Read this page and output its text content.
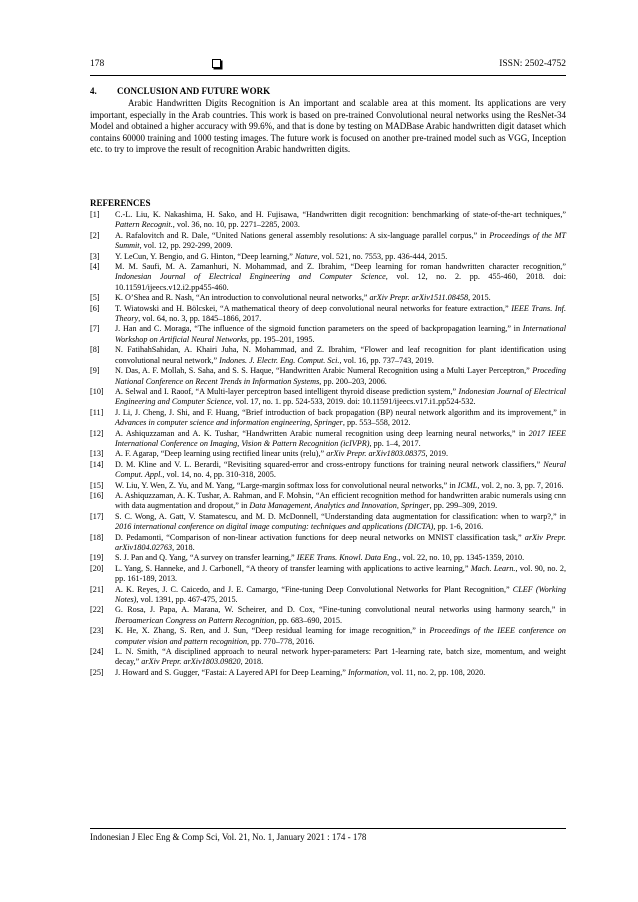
178	ISSN: 2502-4752
4.	CONCLUSION AND FUTURE WORK

Arabic Handwritten Digits Recognition is An important and scalable area at this moment. Its applications are very important, especially in the Arab countries. This work is based on pre-trained Convolutional neural networks using the ResNet-34 Model and obtained a higher accuracy with 99.6%, and that is done by testing on MADBase Arabic handwritten digit dataset which contains 60000 training and 1000 testing images. The future work is focused on another pre-trained model such as VGG, Inception etc. to try to improve the result of recognition Arabic handwritten digits.

REFERENCES
[1]	C.-L. Liu, K. Nakashima, H. Sako, and H. Fujisawa, “Handwritten digit recognition: benchmarking of state-of-the-art techniques,” Pattern Recognit., vol. 36, no. 10, pp. 2271–2285, 2003.
[2]	A. Rafalovitch and R. Dale, “United Nations general assembly resolutions: A six-language parallel corpus,” in Proceedings of the MT Summit, vol. 12, pp. 292-299, 2009.
[3]	Y. LeCun, Y. Bengio, and G. Hinton, “Deep learning,” Nature, vol. 521, no. 7553, pp. 436-444, 2015.
[4]	M. M. Saufi, M. A. Zamanhuri, N. Mohammad, and Z. Ibrahim, “Deep learning for roman handwritten character recognition,” Indonesian Journal of Electrical Engineering and Computer Science, vol. 12, no. 2. pp. 455-460, 2018. doi: 10.11591/ijeecs.v12.i2.pp455-460.
[5]	K. O’Shea and R. Nash, “An introduction to convolutional neural networks,” arXiv Prepr. arXiv1511.08458, 2015.
[6]	T. Wiatowski and H. Bölcskei, “A mathematical theory of deep convolutional neural networks for feature extraction,” IEEE Trans. Inf. Theory, vol. 64, no. 3, pp. 1845–1866, 2017.
[7]	J. Han and C. Moraga, “The influence of the sigmoid function parameters on the speed of backpropagation learning,” in International Workshop on Artificial Neural Networks, pp. 195–201, 1995.
[8]	N. FatihahSahidan, A. Khairi Juha, N. Mohammad, and Z. Ibrahim, “Flower and leaf recognition for plant identification using convolutional neural network,” Indones. J. Electr. Eng. Comput. Sci., vol. 16, pp. 737–743, 2019.
[9]	N. Das, A. F. Mollah, S. Saha, and S. S. Haque, “Handwritten Arabic Numeral Recognition using a Multi Layer Perceptron,” Proceding National Conference on Recent Trends in Information Systems, pp. 200–203, 2006.
[10]	A. Selwal and I. Raoof, “A Multi-layer perceptron based intelligent thyroid disease prediction system,” Indonesian Journal of Electrical Engineering and Computer Science, vol. 17, no. 1. pp. 524-533, 2019. doi: 10.11591/ijeecs.v17.i1.pp524-532.
[11]	J. Li, J. Cheng, J. Shi, and F. Huang, “Brief introduction of back propagation (BP) neural network algorithm and its improvement,” in Advances in computer science and information engineering, Springer, pp. 553–558, 2012.
[12]	A. Ashiquzzaman and A. K. Tushar, “Handwritten Arabic numeral recognition using deep learning neural networks,” in 2017 IEEE International Conference on Imaging, Vision & Pattern Recognition (icIVPR), pp. 1–4, 2017.
[13]	A. F. Agarap, “Deep learning using rectified linear units (relu),” arXiv Prepr. arXiv1803.08375, 2019.
[14]	D. M. Kline and V. L. Berardi, “Revisiting squared-error and cross-entropy functions for training neural network classifiers,” Neural Comput. Appl., vol. 14, no. 4, pp. 310-318, 2005.
[15]	W. Liu, Y. Wen, Z. Yu, and M. Yang, “Large-margin softmax loss for convolutional neural networks,” in ICML, vol. 2, no. 3, pp. 7, 2016.
[16]	A. Ashiquzzaman, A. K. Tushar, A. Rahman, and F. Mohsin, “An efficient recognition method for handwritten arabic numerals using cnn with data augmentation and dropout,” in Data Management, Analytics and Innovation, Springer, pp. 299–309, 2019.
[17]	S. C. Wong, A. Gatt, V. Stamatescu, and M. D. McDonnell, “Understanding data augmentation for classification: when to warp?,” in 2016 international conference on digital image computing: techniques and applications (DICTA), pp. 1-6, 2016.
[18]	D. Pedamonti, “Comparison of non-linear activation functions for deep neural networks on MNIST classification task,” arXiv Prepr. arXiv1804.02763, 2018.
[19]	S. J. Pan and Q. Yang, “A survey on transfer learning,” IEEE Trans. Knowl. Data Eng., vol. 22, no. 10, pp. 1345-1359, 2010.
[20]	L. Yang, S. Hanneke, and J. Carbonell, “A theory of transfer learning with applications to active learning,” Mach. Learn., vol. 90, no. 2, pp. 161-189, 2013.
[21]	A. K. Reyes, J. C. Caicedo, and J. E. Camargo, “Fine-tuning Deep Convolutional Networks for Plant Recognition,” CLEF (Working Notes), vol. 1391, pp. 467-475, 2015.
[22]	G. Rosa, J. Papa, A. Marana, W. Scheirer, and D. Cox, “Fine-tuning convolutional neural networks using harmony search,” in Iberoamerican Congress on Pattern Recognition, pp. 683–690, 2015.
[23]	K. He, X. Zhang, S. Ren, and J. Sun, “Deep residual learning for image recognition,” in Proceedings of the IEEE conference on computer vision and pattern recognition, pp. 770–778, 2016.
[24]	L. N. Smith, “A disciplined approach to neural network hyper-parameters: Part 1-learning rate, batch size, momentum, and weight decay,” arXiv Prepr. arXiv1803.09820, 2018.
[25]	J. Howard and S. Gugger, “Fastai: A Layered API for Deep Learning,” Information, vol. 11, no. 2, pp. 108, 2020.
Indonesian J Elec Eng & Comp Sci, Vol. 21, No. 1, January 2021 : 174 - 178
